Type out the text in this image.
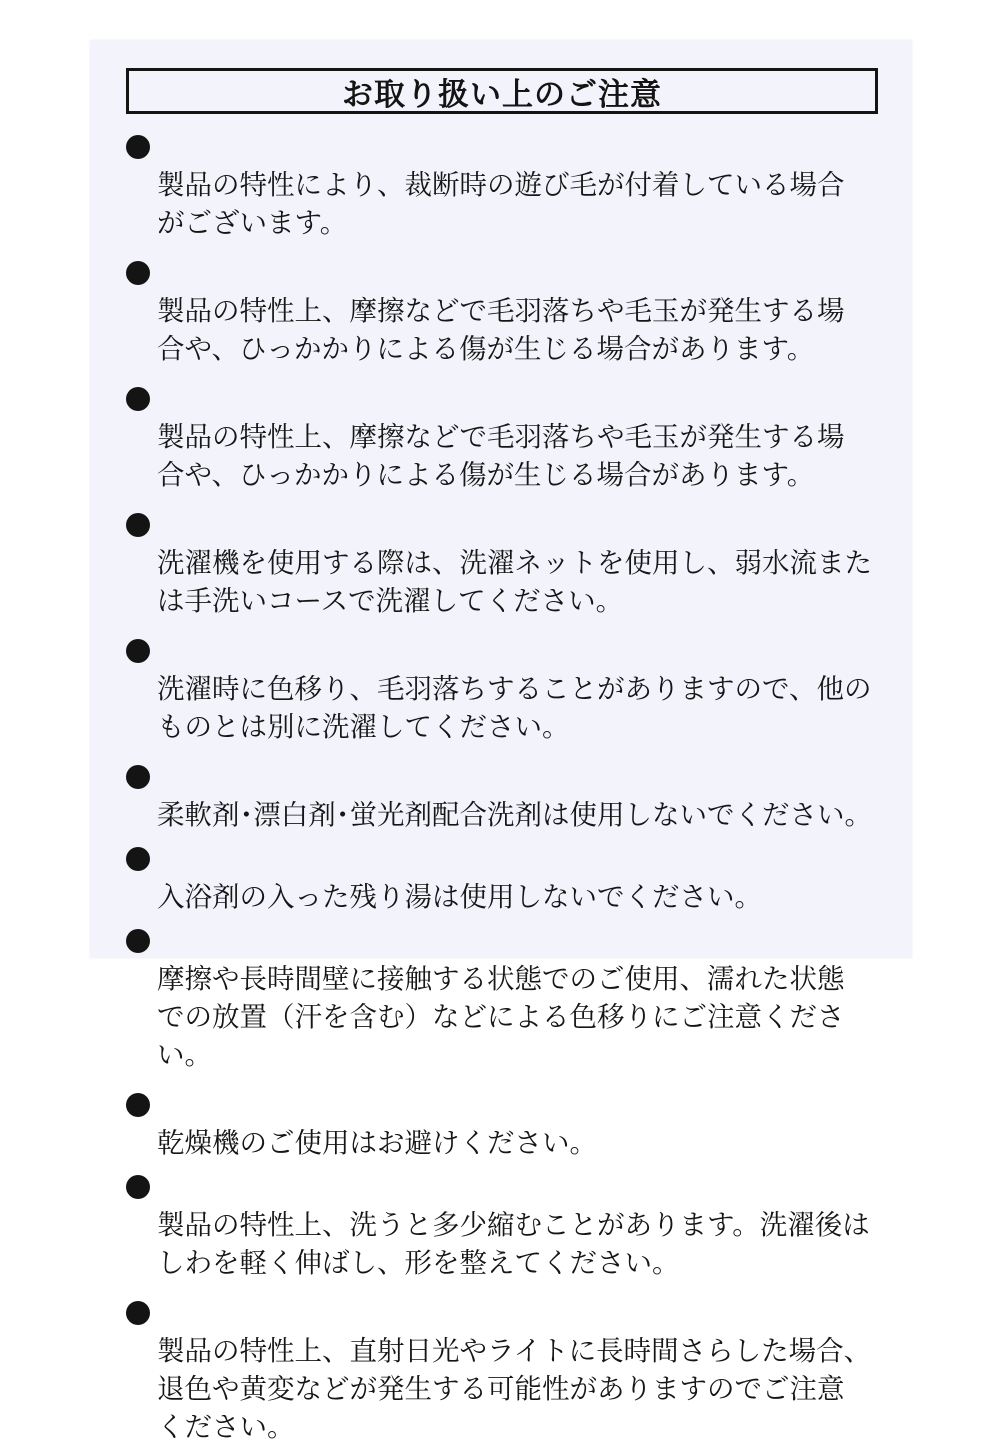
お取り扱い上のご注意

製品の特性により、裁断時の遊び毛が付着している場合
がございます。

製品の特性上、摩擦などで毛羽落ちや毛玉が発生する場
合や、ひっかかりによる傷が生じる場合があります。

製品の特性上、摩擦などで毛羽落ちや毛玉が発生する場
合や、ひっかかりによる傷が生じる場合があります。

洗濯機を使用する際は、洗濯ネットを使用し、弱水流また
は手洗いコースで洗濯してください。

洗濯時に色移り、毛羽落ちすることがありますので、他の
ものとは別に洗濯してください。

柔軟剤･漂白剤･蛍光剤配合洗剤は使用しないでください。

入浴剤の入った残り湯は使用しないでください。

摩擦や長時間壁に接触する状態でのご使用、濡れた状態
での放置（汗を含む）などによる色移りにご注意ください。

乾燥機のご使用はお避けください。

製品の特性上、洗うと多少縮むことがあります。洗濯後は
しわを軽く伸ばし、形を整えてください。

製品の特性上、直射日光やライトに長時間さらした場合、
退色や黄変などが発生する可能性がありますのでご注意
ください。
